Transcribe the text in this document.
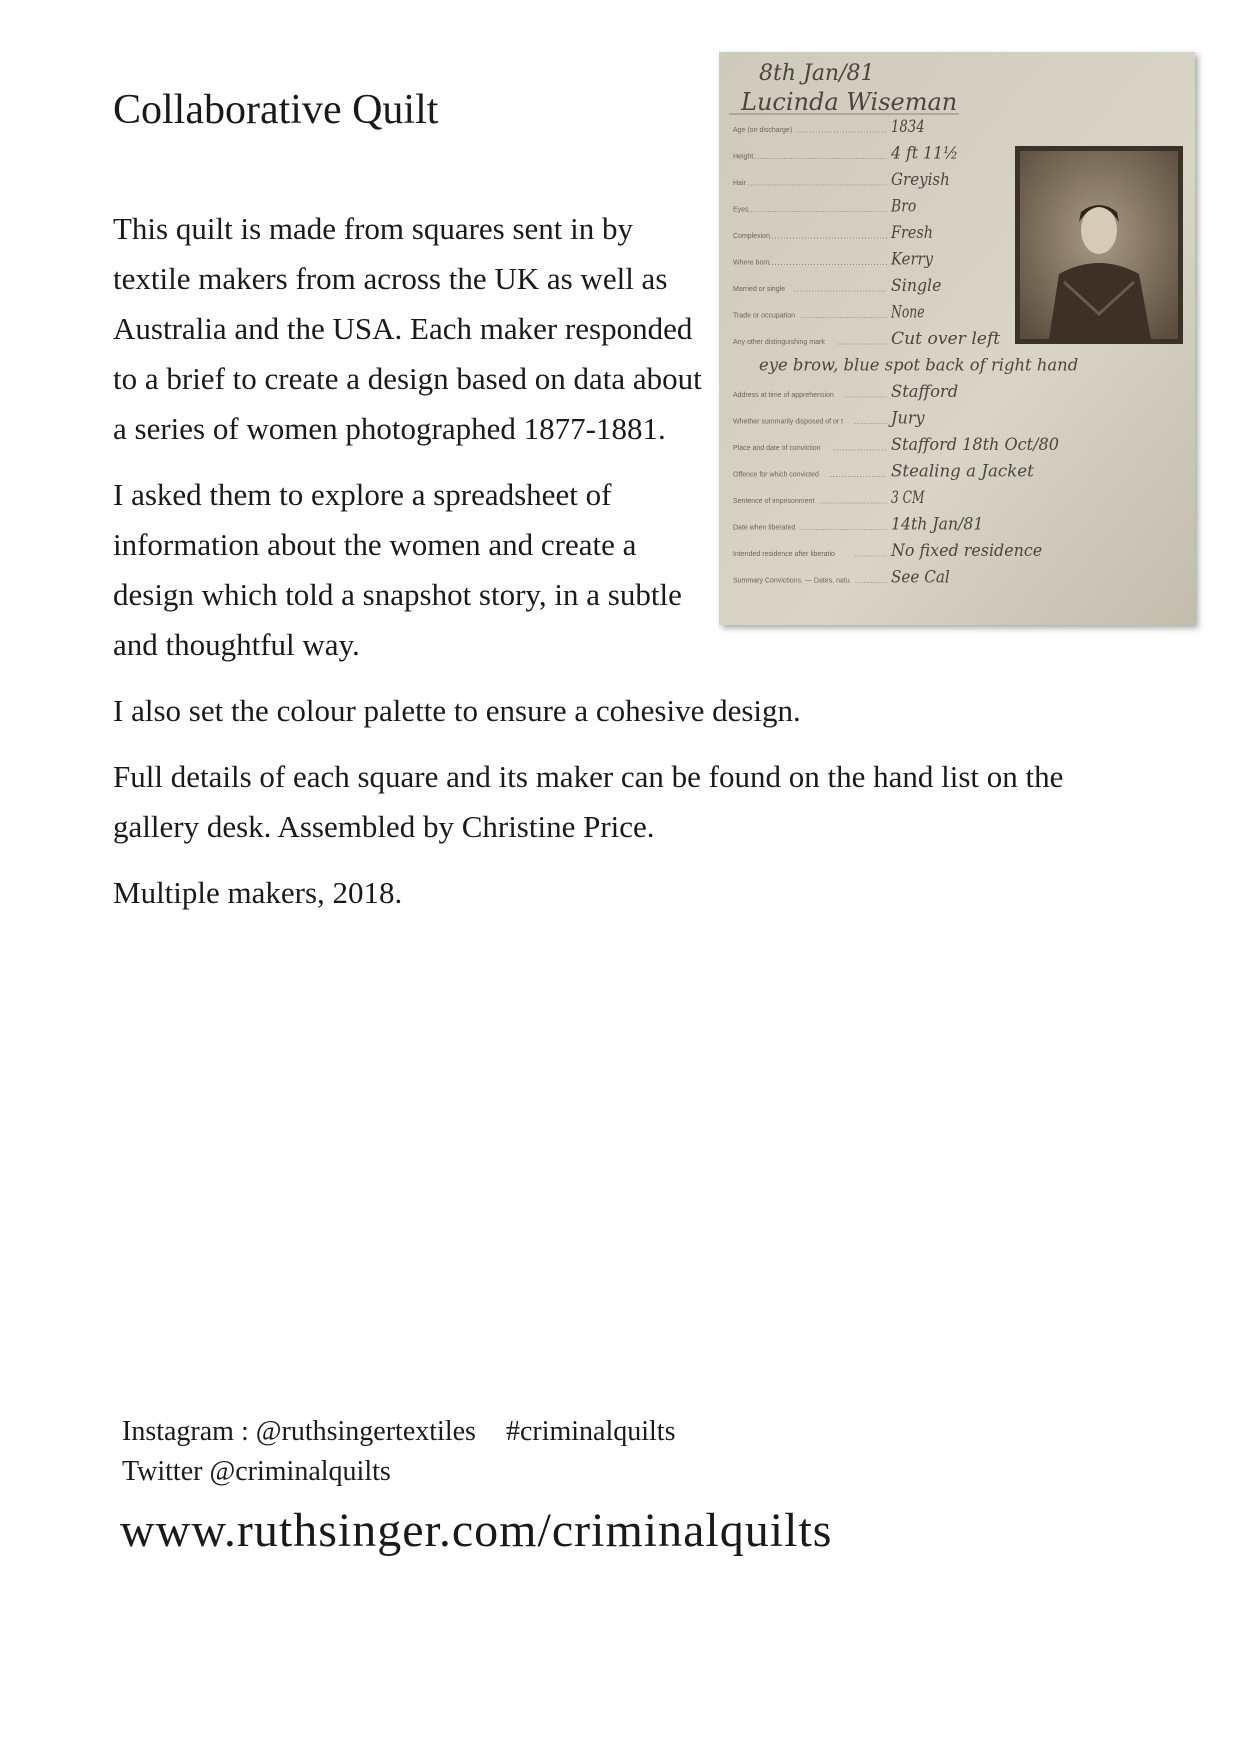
Collaborative Quilt

This quilt is made from squares sent in by textile makers from across the UK as well as Australia and the USA. Each maker responded to a brief to create a design based on data about a series of women photographed 1877-1881.

I asked them to explore a spreadsheet of information about the women and create a design which told a snapshot story, in a subtle and thoughtful way.

I also set the colour palette to ensure a cohesive design.

Full details of each square and its maker can be found on the hand list on the gallery desk. Assembled by Christine Price.

Multiple makers, 2018.

8th Jan/81
Lucinda Wiseman
Age (on discharge)	1834
Height	4 ft 11½
Hair	Greyish
Eyes	Bro
Complexion	Fresh
Where born	Kerry
Married or single	Single
Trade or occupation	None
Any other distinguishing mark	Cut over left
eye brow, blue spot back of right hand
Address at time of apprehension	Stafford
Whether summarily disposed of or t	Jury
Place and date of conviction	Stafford 18th Oct/80
Offence for which convicted	Stealing a Jacket
Sentence of imprisonment	3 CM
Date when liberated	14th Jan/81
Intended residence after liberatio	No fixed residence
Summary Convictions. — Dates, natu See Cal
Instagram : @ruthsingertextiles #criminalquilts
Twitter @criminalquilts
www.ruthsinger.com/criminalquilts
